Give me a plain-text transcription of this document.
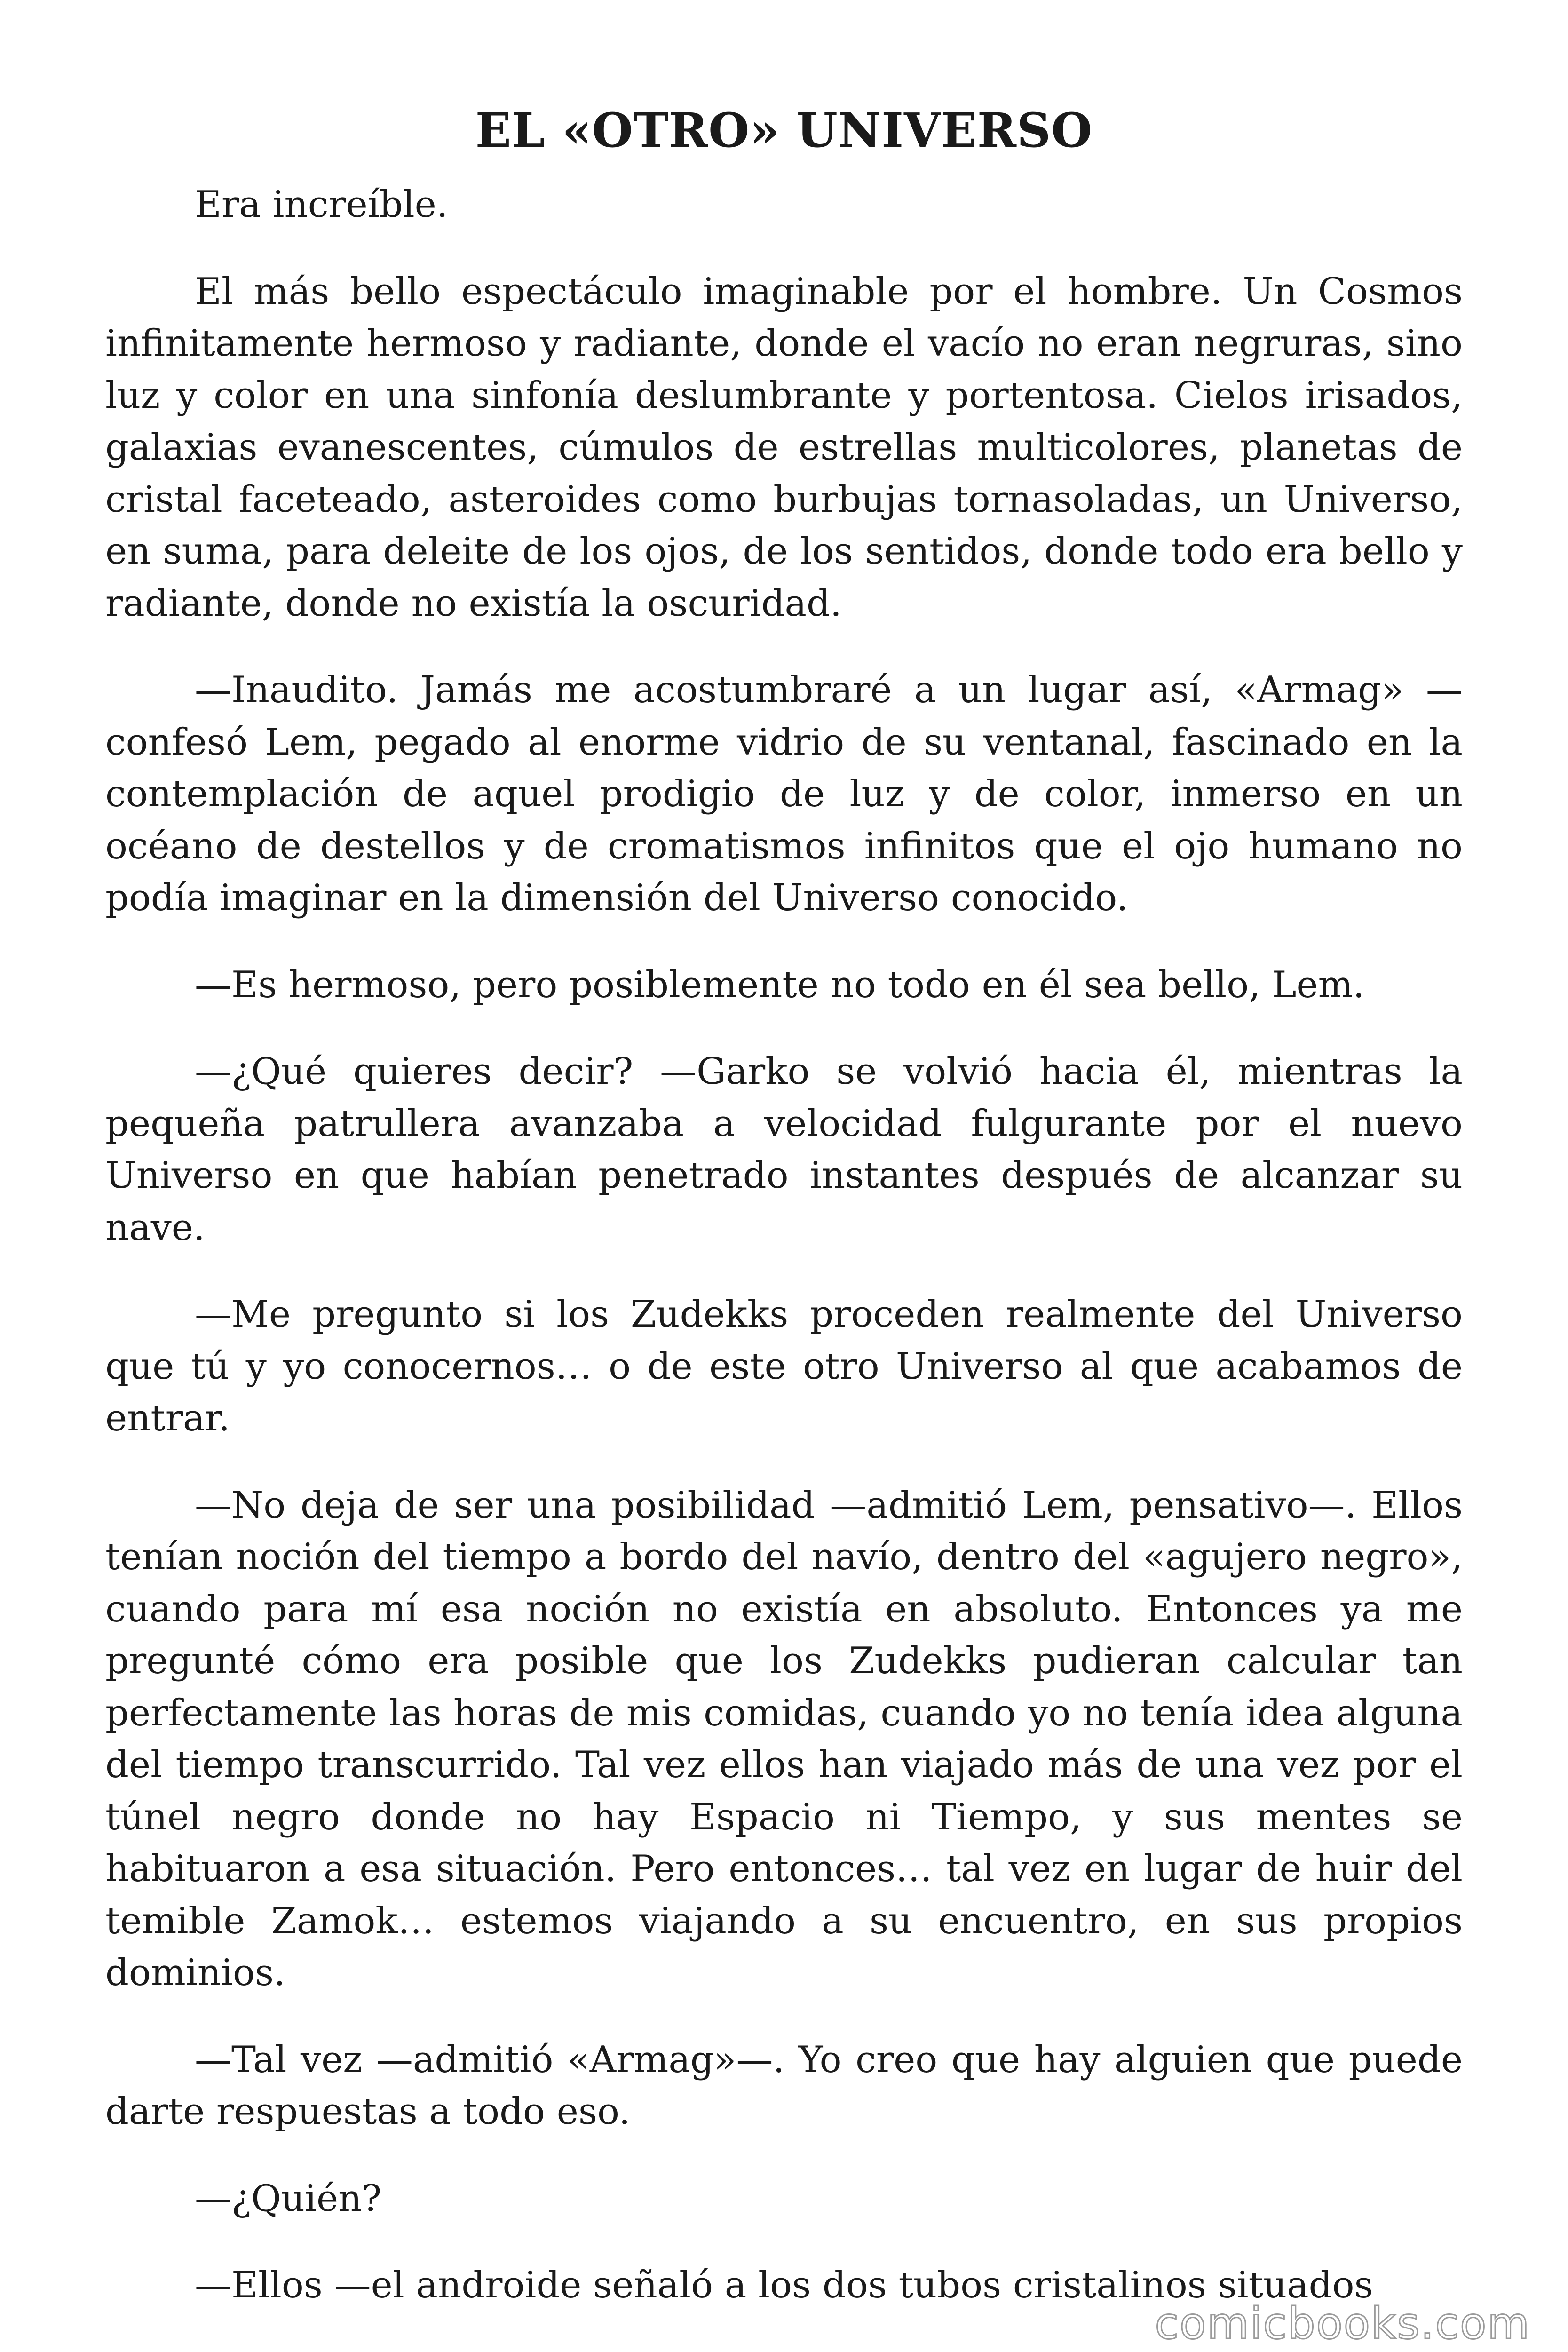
EL «OTRO» UNIVERSO

Era increíble.

El más bello espectáculo imaginable por el hombre. Un Cosmos infinitamente hermoso y radiante, donde el vacío no eran negruras, sino luz y color en una sinfonía deslumbrante y portentosa. Cielos irisados, galaxias evanescentes, cúmulos de estrellas multicolores, planetas de cristal faceteado, asteroides como burbujas tornasoladas, un Universo, en suma, para deleite de los ojos, de los sentidos, donde todo era bello y radiante, donde no existía la oscuridad.

—Inaudito. Jamás me acostumbraré a un lugar así, «Armag» —confesó Lem, pegado al enorme vidrio de su ventanal, fascinado en la contemplación de aquel prodigio de luz y de color, inmerso en un océano de destellos y de cromatismos infinitos que el ojo humano no podía imaginar en la dimensión del Universo conocido.

—Es hermoso, pero posiblemente no todo en él sea bello, Lem.

—¿Qué quieres decir? —Garko se volvió hacia él, mientras la pequeña patrullera avanzaba a velocidad fulgurante por el nuevo Universo en que habían penetrado instantes después de alcanzar su nave.

—Me pregunto si los Zudekks proceden realmente del Universo que tú y yo conocernos… o de este otro Universo al que acabamos de entrar.

—No deja de ser una posibilidad —admitió Lem, pensativo—. Ellos tenían noción del tiempo a bordo del navío, dentro del «agujero negro», cuando para mí esa noción no existía en absoluto. Entonces ya me pregunté cómo era posible que los Zudekks pudieran calcular tan perfectamente las horas de mis comidas, cuando yo no tenía idea alguna del tiempo transcurrido. Tal vez ellos han viajado más de una vez por el túnel negro donde no hay Espacio ni Tiempo, y sus mentes se habituaron a esa situación. Pero entonces… tal vez en lugar de huir del temible Zamok… estemos viajando a su encuentro, en sus propios dominios.

—Tal vez —admitió «Armag»—. Yo creo que hay alguien que puede darte respuestas a todo eso.

—¿Quién?

—Ellos —el androide señaló a los dos tubos cristalinos situados

comicbooks.com
